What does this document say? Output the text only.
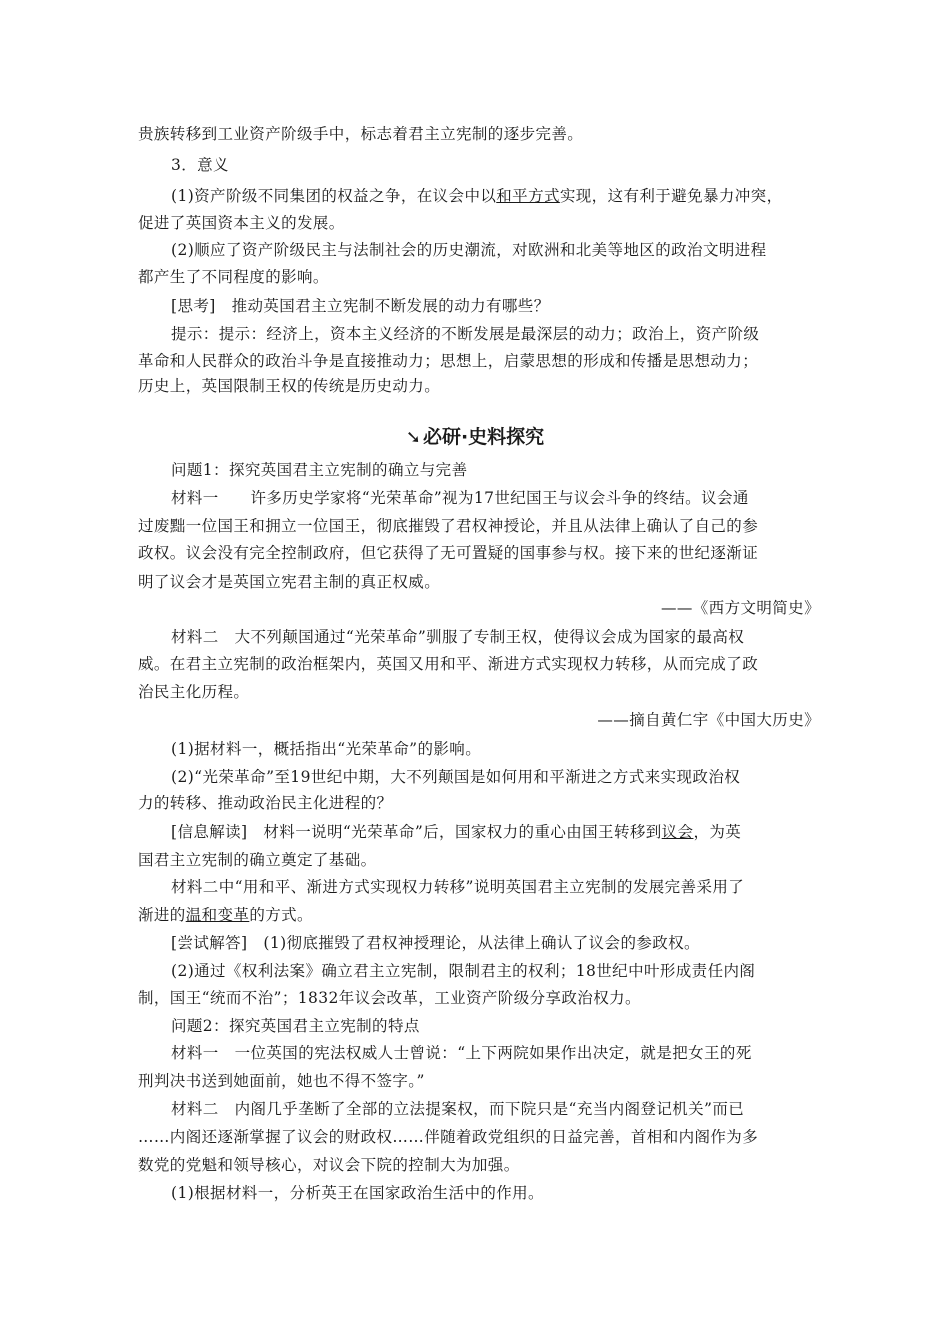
贵族转移到工业资产阶级手中，标志着君主立宪制的逐步完善。
3．意义
(1)资产阶级不同集团的权益之争，在议会中以和平方式实现，这有利于避免暴力冲突，
促进了英国资本主义的发展。
(2)顺应了资产阶级民主与法制社会的历史潮流，对欧洲和北美等地区的政治文明进程
都产生了不同程度的影响。
[思考]　推动英国君主立宪制不断发展的动力有哪些？
提示：提示：经济上，资本主义经济的不断发展是最深层的动力；政治上，资产阶级
革命和人民群众的政治斗争是直接推动力；思想上，启蒙思想的形成和传播是思想动力；
历史上，英国限制王权的传统是历史动力。
➘ 必研·史料探究
问题1：探究英国君主立宪制的确立与完善
材料一　　许多历史学家将“光荣革命”视为17世纪国王与议会斗争的终结。议会通
过废黜一位国王和拥立一位国王，彻底摧毁了君权神授论，并且从法律上确认了自己的参
政权。议会没有完全控制政府，但它获得了无可置疑的国事参与权。接下来的世纪逐渐证
明了议会才是英国立宪君主制的真正权威。
——《西方文明简史》
材料二　大不列颠国通过“光荣革命”驯服了专制王权，使得议会成为国家的最高权
威。在君主立宪制的政治框架内，英国又用和平、渐进方式实现权力转移，从而完成了政
治民主化历程。
——摘自黄仁宇《中国大历史》
(1)据材料一，概括指出“光荣革命”的影响。
(2)“光荣革命”至19世纪中期，大不列颠国是如何用和平渐进之方式来实现政治权
力的转移、推动政治民主化进程的？
[信息解读]　材料一说明“光荣革命”后，国家权力的重心由国王转移到议会，为英
国君主立宪制的确立奠定了基础。
材料二中“用和平、渐进方式实现权力转移”说明英国君主立宪制的发展完善采用了
渐进的温和变革的方式。
[尝试解答]　(1)彻底摧毁了君权神授理论，从法律上确认了议会的参政权。
(2)通过《权利法案》确立君主立宪制，限制君主的权利；18世纪中叶形成责任内阁
制，国王“统而不治”；1832年议会改革，工业资产阶级分享政治权力。
问题2：探究英国君主立宪制的特点
材料一　一位英国的宪法权威人士曾说：“上下两院如果作出决定，就是把女王的死
刑判决书送到她面前，她也不得不签字。”
材料二　内阁几乎垄断了全部的立法提案权，而下院只是“充当内阁登记机关”而已
……内阁还逐渐掌握了议会的财政权……伴随着政党组织的日益完善，首相和内阁作为多
数党的党魁和领导核心，对议会下院的控制大为加强。
(1)根据材料一，分析英王在国家政治生活中的作用。
